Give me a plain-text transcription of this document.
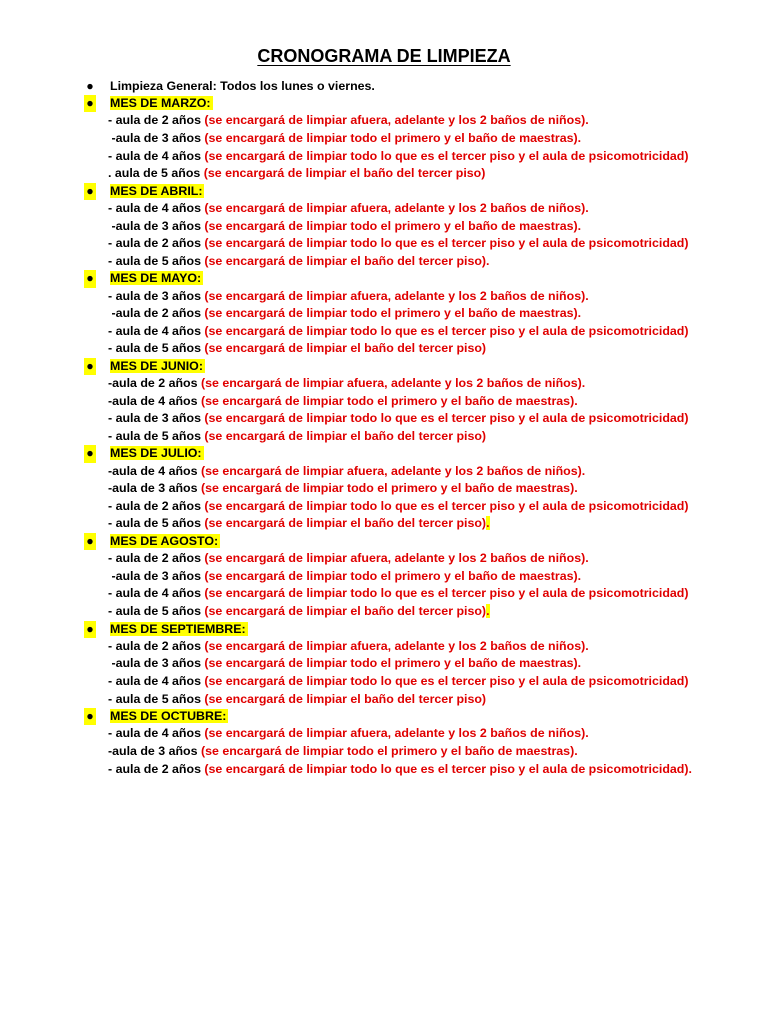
CRONOGRAMA DE LIMPIEZA
● Limpieza General: Todos los lunes o viernes.
● MES DE MARZO:
- aula de 2 años (se encargará de limpiar afuera, adelante y los 2 baños de niños).
-aula de 3 años (se encargará de limpiar todo el primero y el baño de maestras).
- aula de 4 años (se encargará de limpiar todo lo que es el tercer piso y el aula de psicomotricidad)
. aula de 5 años (se encargará de limpiar el baño del tercer piso)
● MES DE ABRIL:
- aula de 4 años (se encargará de limpiar afuera, adelante y los 2 baños de niños).
-aula de 3 años (se encargará de limpiar todo el primero y el baño de maestras).
- aula de 2 años (se encargará de limpiar todo lo que es el tercer piso y el aula de psicomotricidad)
- aula de 5 años (se encargará de limpiar el baño del tercer piso).
● MES DE MAYO:
- aula de 3 años (se encargará de limpiar afuera, adelante y los 2 baños de niños).
-aula de 2 años (se encargará de limpiar todo el primero y el baño de maestras).
- aula de 4 años (se encargará de limpiar todo lo que es el tercer piso y el aula de psicomotricidad)
- aula de 5 años (se encargará de limpiar el baño del tercer piso)
● MES DE JUNIO:
-aula de 2 años (se encargará de limpiar afuera, adelante y los 2 baños de niños).
-aula de 4 años (se encargará de limpiar todo el primero y el baño de maestras).
- aula de 3 años (se encargará de limpiar todo lo que es el tercer piso y el aula de psicomotricidad)
- aula de 5 años (se encargará de limpiar el baño del tercer piso)
● MES DE JULIO:
-aula de 4 años (se encargará de limpiar afuera, adelante y los 2 baños de niños).
-aula de 3 años (se encargará de limpiar todo el primero y el baño de maestras).
- aula de 2 años (se encargará de limpiar todo lo que es el tercer piso y el aula de psicomotricidad)
- aula de 5 años (se encargará de limpiar el baño del tercer piso).
● MES DE AGOSTO:
- aula de 2 años (se encargará de limpiar afuera, adelante y los 2 baños de niños).
-aula de 3 años (se encargará de limpiar todo el primero y el baño de maestras).
- aula de 4 años (se encargará de limpiar todo lo que es el tercer piso y el aula de psicomotricidad)
- aula de 5 años (se encargará de limpiar el baño del tercer piso).
● MES DE SEPTIEMBRE:
- aula de 2 años (se encargará de limpiar afuera, adelante y los 2 baños de niños).
-aula de 3 años (se encargará de limpiar todo el primero y el baño de maestras).
- aula de 4 años (se encargará de limpiar todo lo que es el tercer piso y el aula de psicomotricidad)
- aula de 5 años (se encargará de limpiar el baño del tercer piso)
● MES DE OCTUBRE:
- aula de 4 años (se encargará de limpiar afuera, adelante y los 2 baños de niños).
-aula de 3 años (se encargará de limpiar todo el primero y el baño de maestras).
- aula de 2 años (se encargará de limpiar todo lo que es el tercer piso y el aula de psicomotricidad).
